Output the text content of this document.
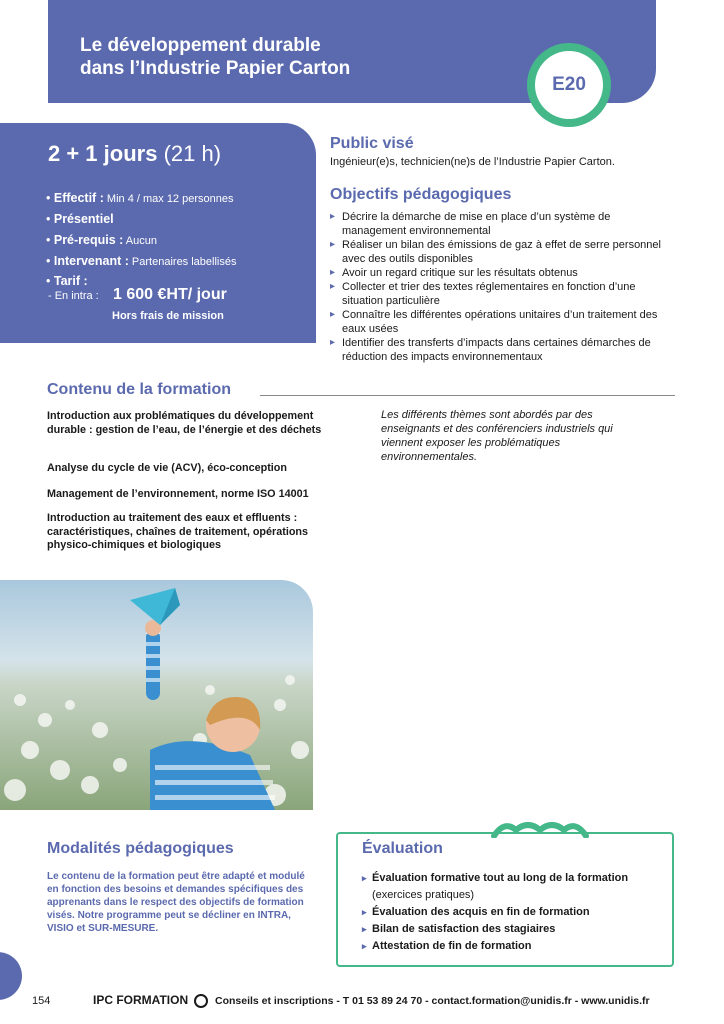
Le développement durable
dans l’Industrie Papier Carton
E20
2 + 1 jours (21 h)
• Effectif : Min 4 / max 12 personnes
• Présentiel
• Pré-requis : Aucun
• Intervenant : Partenaires labellisés
• Tarif :
- En intra : 1 600 €HT/ jour
Hors frais de mission
Public visé
Ingénieur(e)s, technicien(ne)s de l’Industrie Papier Carton.
Objectifs pédagogiques
▸ Décrire la démarche de mise en place d’un système de management environnemental
▸ Réaliser un bilan des émissions de gaz à effet de serre personnel avec des outils disponibles
▸ Avoir un regard critique sur les résultats obtenus
▸ Collecter et trier des textes réglementaires en fonction d’une situation particulière
▸ Connaître les différentes opérations unitaires d’un traitement des eaux usées
▸ Identifier des transferts d’impacts dans certaines démarches de réduction des impacts environnementaux
Contenu de la formation
Introduction aux problématiques du développement durable : gestion de l’eau, de l’énergie et des déchets
Analyse du cycle de vie (ACV), éco-conception
Management de l’environnement, norme ISO 14001
Introduction au traitement des eaux et effluents : caractéristiques, chaînes de traitement, opérations physico-chimiques et biologiques
Les différents thèmes sont abordés par des enseignants et des conférenciers industriels qui viennent exposer les problématiques environnementales.
Modalités pédagogiques
Le contenu de la formation peut être adapté et modulé en fonction des besoins et demandes spécifiques des apprenants dans le respect des objectifs de formation visés. Notre programme peut se décliner en INTRA, VISIO et SUR-MESURE.
Évaluation
▸ Évaluation formative tout au long de la formation
(exercices pratiques)
▸ Évaluation des acquis en fin de formation
▸ Bilan de satisfaction des stagiaires
▸ Attestation de fin de formation
154	IPC FORMATION	Conseils et inscriptions - T 01 53 89 24 70 - contact.formation@unidis.fr - www.unidis.fr
